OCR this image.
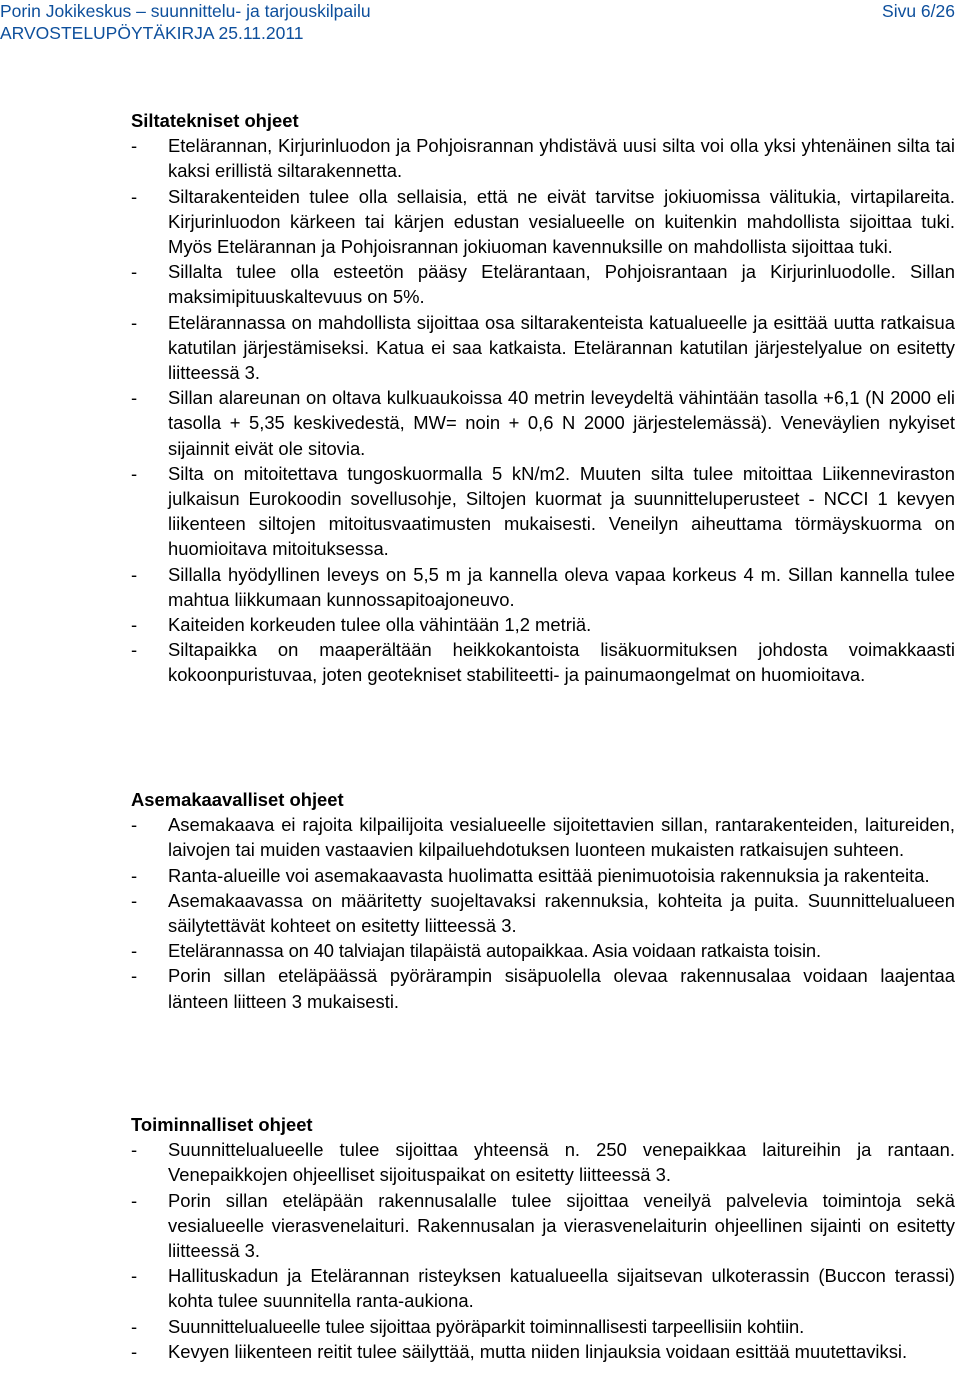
Porin Jokikeskus – suunnittelu- ja tarjouskilpailu	Sivu 6/26
ARVOSTELUPÖYTÄKIRJA 25.11.2011

Siltatekniset ohjeet

- Etelärannan, Kirjurinluodon ja Pohjoisrannan yhdistävä uusi silta voi olla yksi yhtenäinen silta tai kaksi erillistä siltarakennetta.
- Siltarakenteiden tulee olla sellaisia, että ne eivät tarvitse jokiuomissa välitukia, virtapilareita. Kirjurinluodon kärkeen tai kärjen edustan vesialueelle on kuitenkin mahdollista sijoittaa tuki. Myös Etelärannan ja Pohjoisrannan jokiuoman kavennuksille on mahdollista sijoittaa tuki.
- Sillalta tulee olla esteetön pääsy Etelärantaan, Pohjoisrantaan ja Kirjurinluodolle. Sillan maksimipituuskaltevuus on 5%.
- Etelärannassa on mahdollista sijoittaa osa siltarakenteista katualueelle ja esittää uutta ratkaisua katutilan järjestämiseksi. Katua ei saa katkaista. Etelärannan katutilan järjestelyalue on esitetty liitteessä 3.
- Sillan alareunan on oltava kulkuaukoissa 40 metrin leveydeltä vähintään tasolla +6,1 (N 2000 eli tasolla + 5,35 keskivedestä, MW= noin + 0,6 N 2000 järjestelemässä). Veneväylien nykyiset sijainnit eivät ole sitovia.
- Silta on mitoitettava tungoskuormalla 5 kN/m2. Muuten silta tulee mitoittaa Liikenneviraston julkaisun Eurokoodin sovellusohje, Siltojen kuormat ja suunnitteluperusteet - NCCI 1 kevyen liikenteen siltojen mitoitusvaatimusten mukaisesti. Veneilyn aiheuttama törmäyskuorma on huomioitava mitoituksessa.
- Sillalla hyödyllinen leveys on 5,5 m ja kannella oleva vapaa korkeus 4 m. Sillan kannella tulee mahtua liikkumaan kunnossapitoajoneuvo.
- Kaiteiden korkeuden tulee olla vähintään 1,2 metriä.
- Siltapaikka on maaperältään heikkokantoista lisäkuormituksen johdosta voimakkaasti kokoonpuristuvaa, joten geotekniset stabiliteetti- ja painumaongelmat on huomioitava.

Asemakaavalliset ohjeet

- Asemakaava ei rajoita kilpailijoita vesialueelle sijoitettavien sillan, rantarakenteiden, laitureiden, laivojen tai muiden vastaavien kilpailuehdotuksen luonteen mukaisten ratkaisujen suhteen.
- Ranta-alueille voi asemakaavasta huolimatta esittää pienimuotoisia rakennuksia ja rakenteita.
- Asemakaavassa on määritetty suojeltavaksi rakennuksia, kohteita ja puita. Suunnittelualueen säilytettävät kohteet on esitetty liitteessä 3.
- Etelärannassa on 40 talviajan tilapäistä autopaikkaa. Asia voidaan ratkaista toisin.
- Porin sillan eteläpäässä pyörärampin sisäpuolella olevaa rakennusalaa voidaan laajentaa länteen liitteen 3 mukaisesti.

Toiminnalliset ohjeet

- Suunnittelualueelle tulee sijoittaa yhteensä n. 250 venepaikkaa laitureihin ja rantaan. Venepaikkojen ohjeelliset sijoituspaikat on esitetty liitteessä 3.
- Porin sillan eteläpään rakennusalalle tulee sijoittaa veneilyä palvelevia toimintoja sekä vesialueelle vierasvenelaituri. Rakennusalan ja vierasvenelaiturin ohjeellinen sijainti on esitetty liitteessä 3.
- Hallituskadun ja Etelärannan risteyksen katualueella sijaitsevan ulkoterassin (Buccon terassi) kohta tulee suunnitella ranta-aukiona.
- Suunnittelualueelle tulee sijoittaa pyöräparkit toiminnallisesti tarpeellisiin kohtiin.
- Kevyen liikenteen reitit tulee säilyttää, mutta niiden linjauksia voidaan esittää muutettaviksi.
